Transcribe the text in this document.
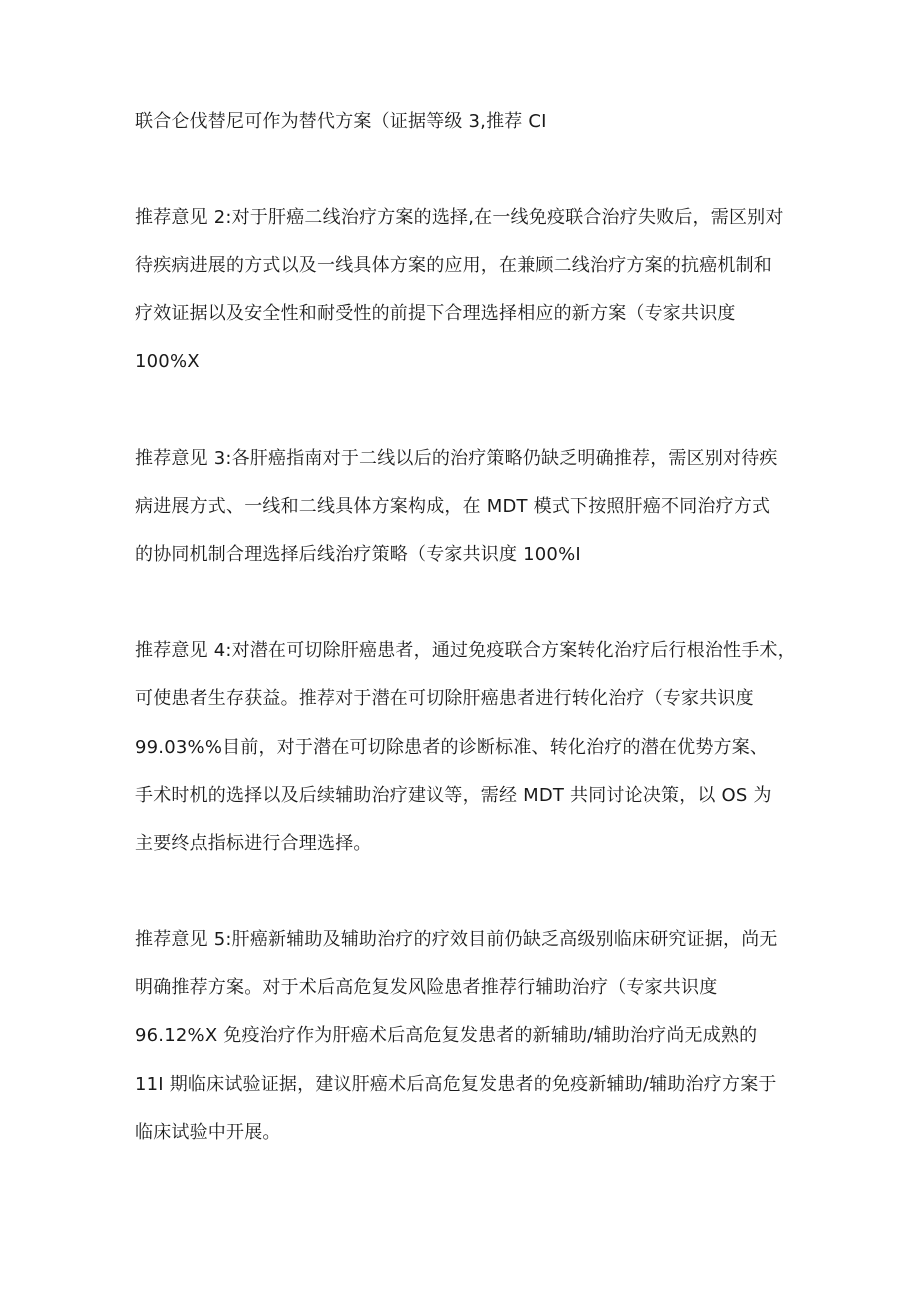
联合仑伐替尼可作为替代方案（证据等级 3,推荐 CI
推荐意见 2:对于肝癌二线治疗方案的选择,在一线免疫联合治疗失败后，需区别对
待疾病进展的方式以及一线具体方案的应用，在兼顾二线治疗方案的抗癌机制和
疗效证据以及安全性和耐受性的前提下合理选择相应的新方案（专家共识度
100%X
推荐意见 3:各肝癌指南对于二线以后的治疗策略仍缺乏明确推荐，需区别对待疾
病进展方式、一线和二线具体方案构成，在 MDT 模式下按照肝癌不同治疗方式
的协同机制合理选择后线治疗策略（专家共识度 100%I
推荐意见 4:对潜在可切除肝癌患者，通过免疫联合方案转化治疗后行根治性手术，
可使患者生存获益。推荐对于潜在可切除肝癌患者进行转化治疗（专家共识度
99.03%%目前，对于潜在可切除患者的诊断标准、转化治疗的潜在优势方案、
手术时机的选择以及后续辅助治疗建议等，需经 MDT 共同讨论决策，以 OS 为
主要终点指标进行合理选择。
推荐意见 5:肝癌新辅助及辅助治疗的疗效目前仍缺乏高级别临床研究证据，尚无
明确推荐方案。对于术后高危复发风险患者推荐行辅助治疗（专家共识度
96.12%X 免疫治疗作为肝癌术后高危复发患者的新辅助/辅助治疗尚无成熟的
11I 期临床试验证据，建议肝癌术后高危复发患者的免疫新辅助/辅助治疗方案于
临床试验中开展。
